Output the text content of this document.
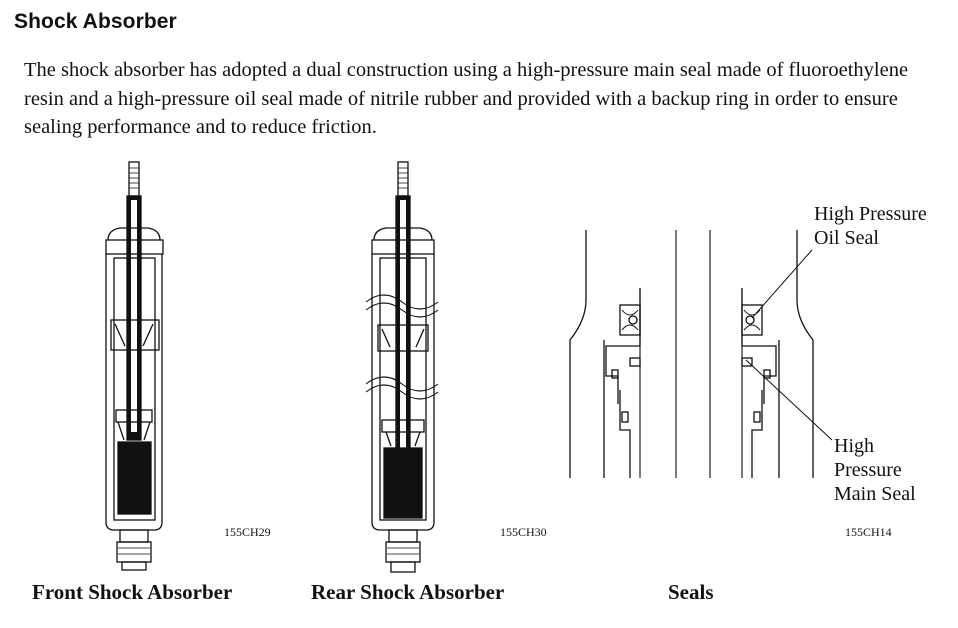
Shock Absorber
The shock absorber has adopted a dual construction using a high-pressure main seal made of fluoroethylene resin and a high-pressure oil seal made of nitrile rubber and provided with a backup ring in order to ensure sealing performance and to reduce friction.
155CH29	155CH30	155CH14
High Pressure
Oil Seal
High
Pressure
Main Seal
Front Shock Absorber	Rear Shock Absorber	Seals
